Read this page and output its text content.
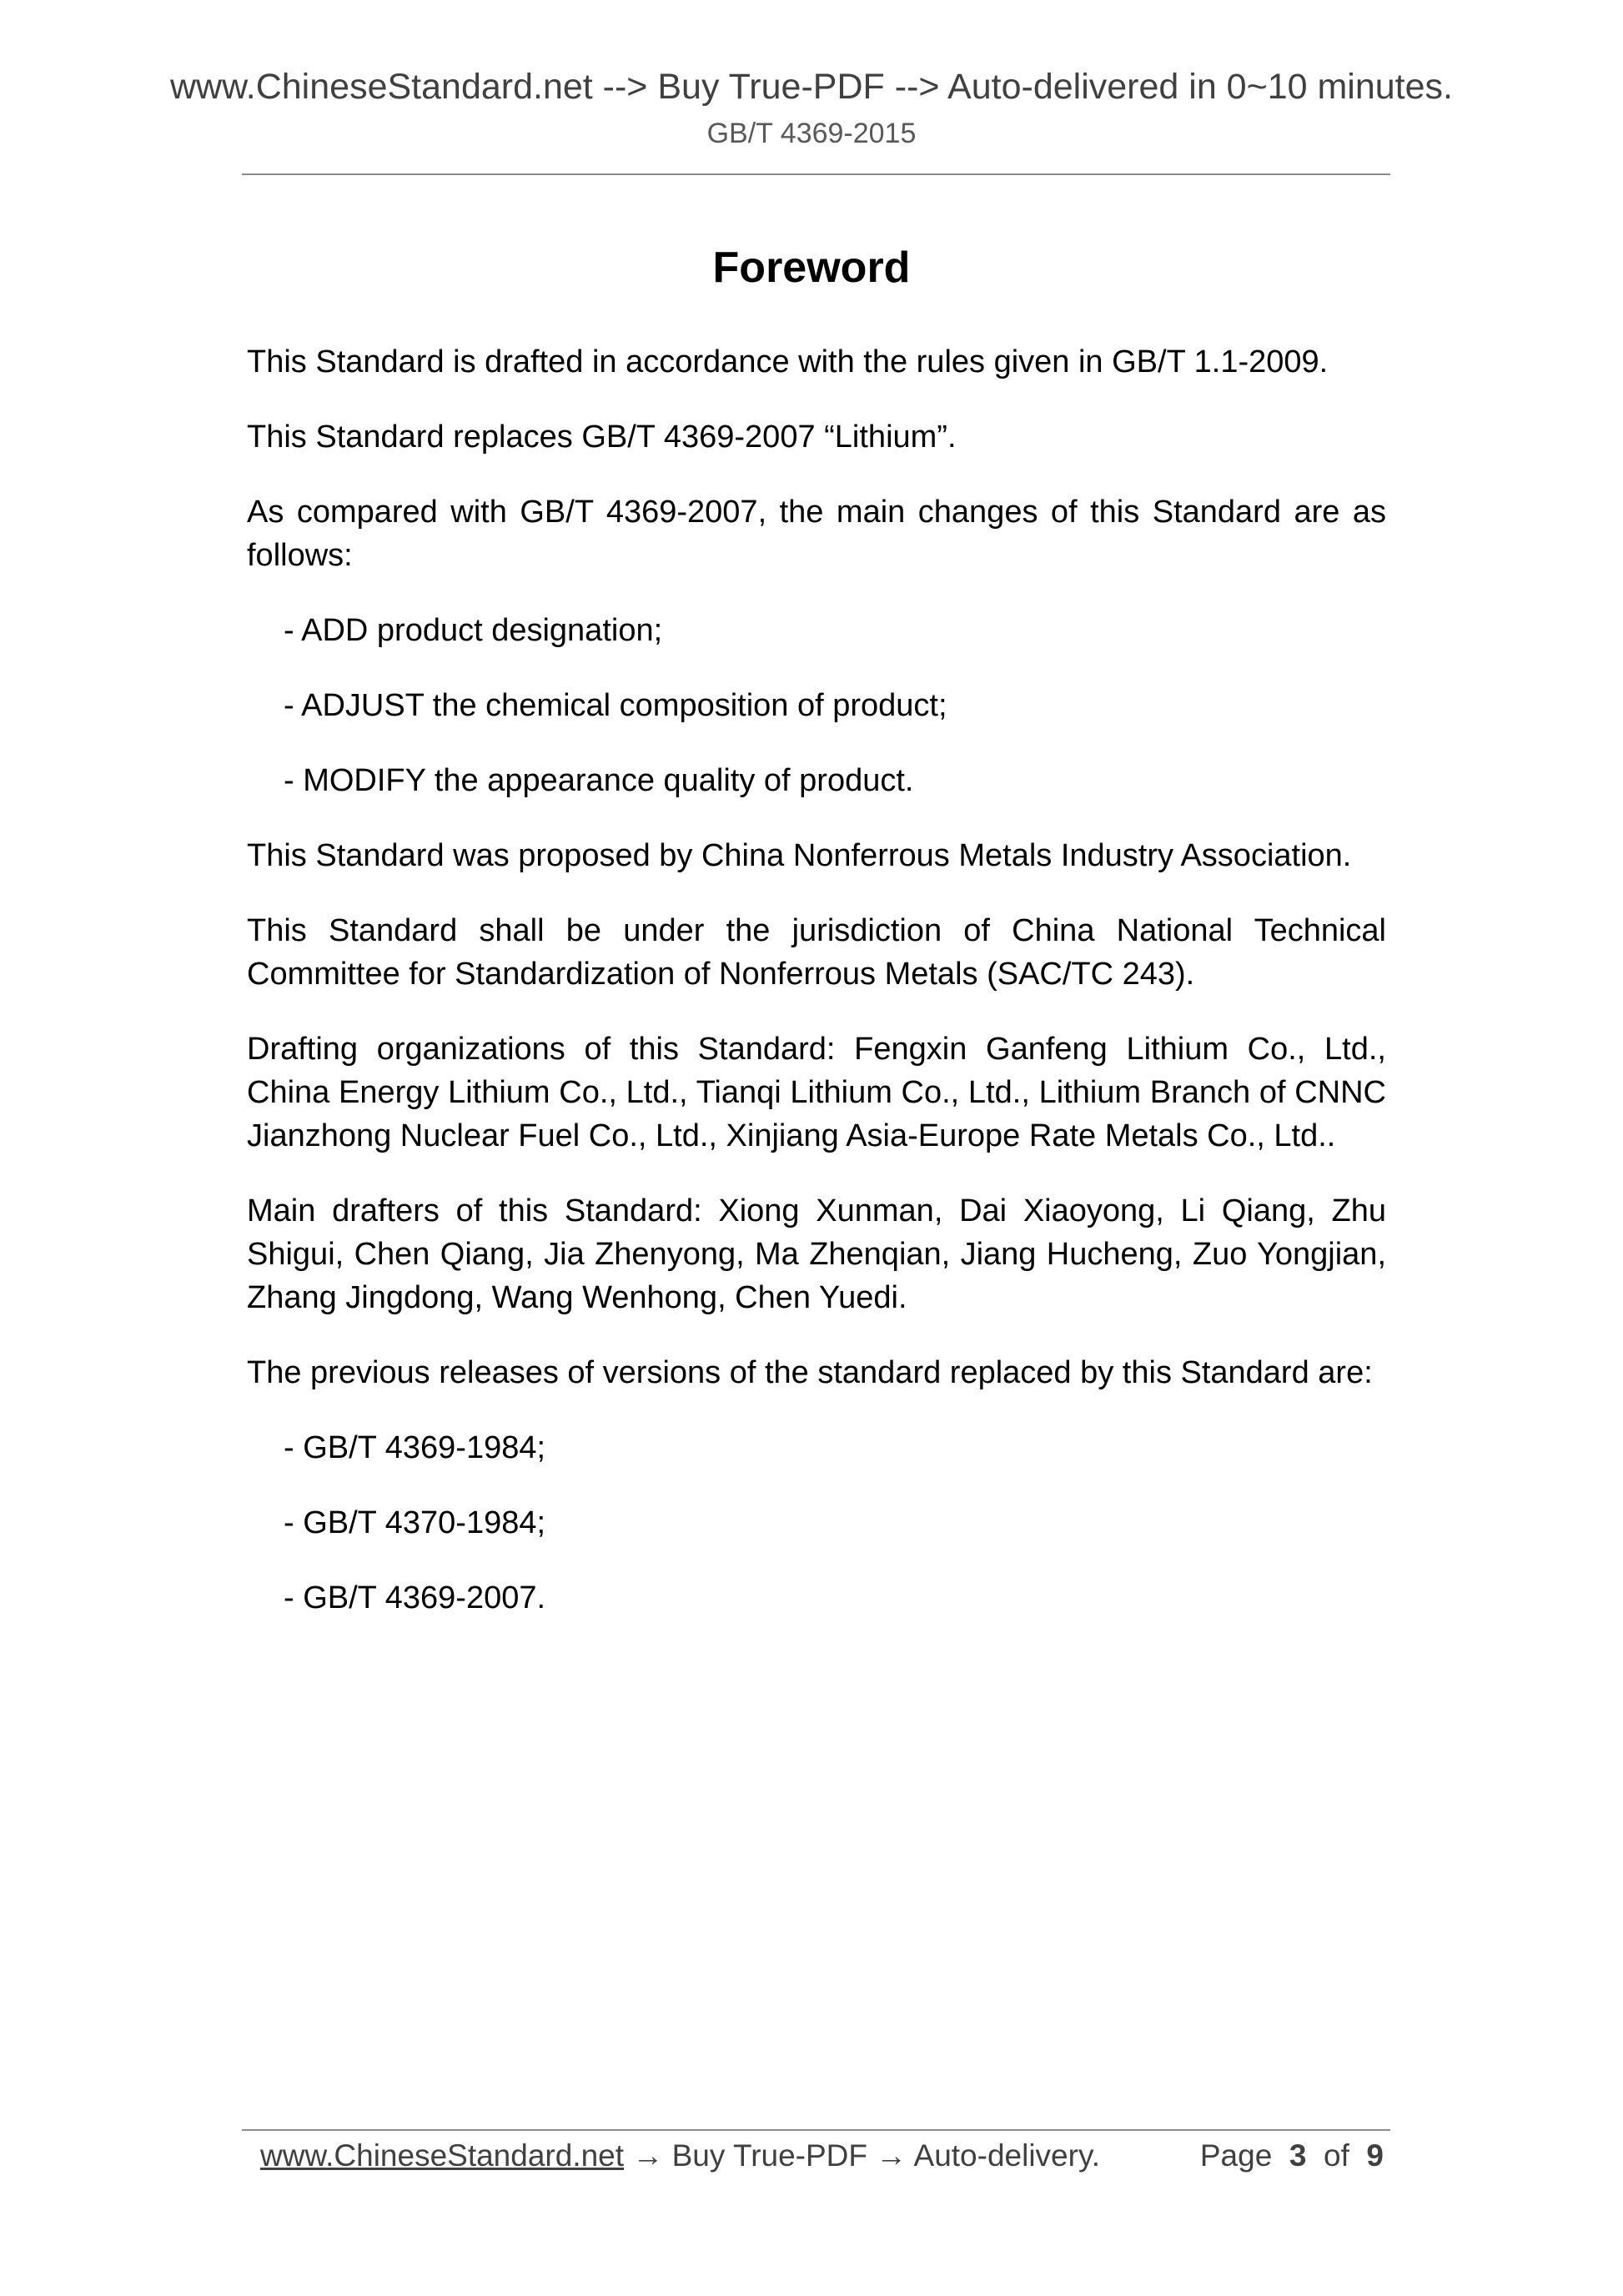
www.ChineseStandard.net --> Buy True-PDF --> Auto-delivered in 0~10 minutes.
GB/T 4369-2015
Foreword

This Standard is drafted in accordance with the rules given in GB/T 1.1-2009.

This Standard replaces GB/T 4369-2007 “Lithium”.

As compared with GB/T 4369-2007, the main changes of this Standard are as follows:

- ADD product designation;
- ADJUST the chemical composition of product;
- MODIFY the appearance quality of product.

This Standard was proposed by China Nonferrous Metals Industry Association.

This Standard shall be under the jurisdiction of China National Technical Committee for Standardization of Nonferrous Metals (SAC/TC 243).

Drafting organizations of this Standard: Fengxin Ganfeng Lithium Co., Ltd., China Energy Lithium Co., Ltd., Tianqi Lithium Co., Ltd., Lithium Branch of CNNC Jianzhong Nuclear Fuel Co., Ltd., Xinjiang Asia-Europe Rate Metals Co., Ltd..

Main drafters of this Standard: Xiong Xunman, Dai Xiaoyong, Li Qiang, Zhu Shigui, Chen Qiang, Jia Zhenyong, Ma Zhenqian, Jiang Hucheng, Zuo Yongjian, Zhang Jingdong, Wang Wenhong, Chen Yuedi.

The previous releases of versions of the standard replaced by this Standard are:

- GB/T 4369-1984;
- GB/T 4370-1984;
- GB/T 4369-2007.
www.ChineseStandard.net → Buy True-PDF → Auto-delivery.	Page 3 of 9
